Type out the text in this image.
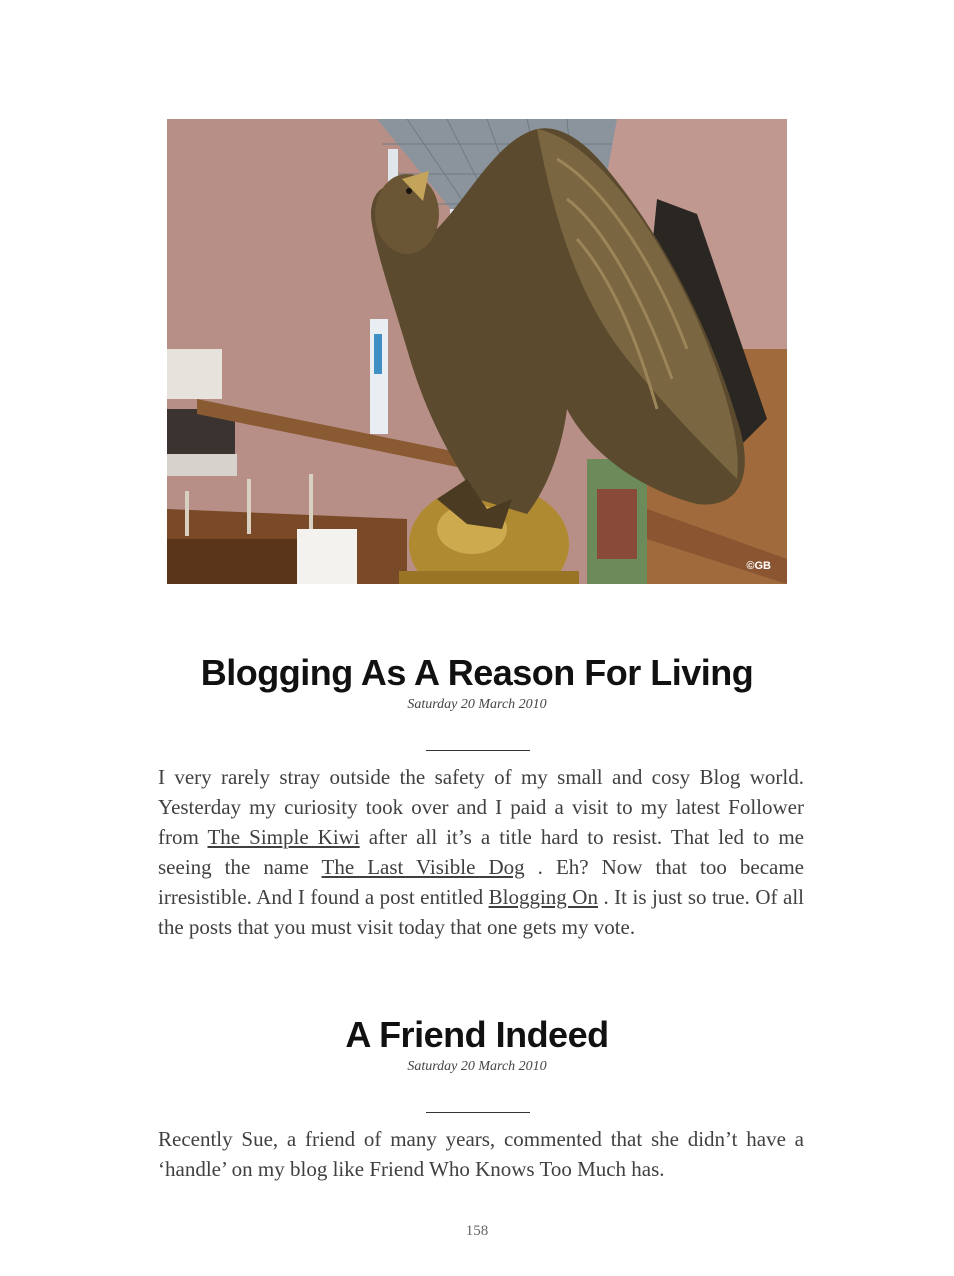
©GB
Blogging As A Reason For Living
Saturday 20 March 2010

I very rarely stray outside the safety of my small and cosy Blog world. Yesterday my curiosity took over and I paid a visit to my latest Follower from The Simple Kiwi after all it’s a title hard to resist. That led to me seeing the name The Last Visible Dog . Eh? Now that too became irresistible. And I found a post entitled Blogging On . It is just so true. Of all the posts that you must visit today that one gets my vote.

A Friend Indeed
Saturday 20 March 2010

Recently Sue, a friend of many years, commented that she didn’t have a ‘handle’ on my blog like Friend Who Knows Too Much has.

158
